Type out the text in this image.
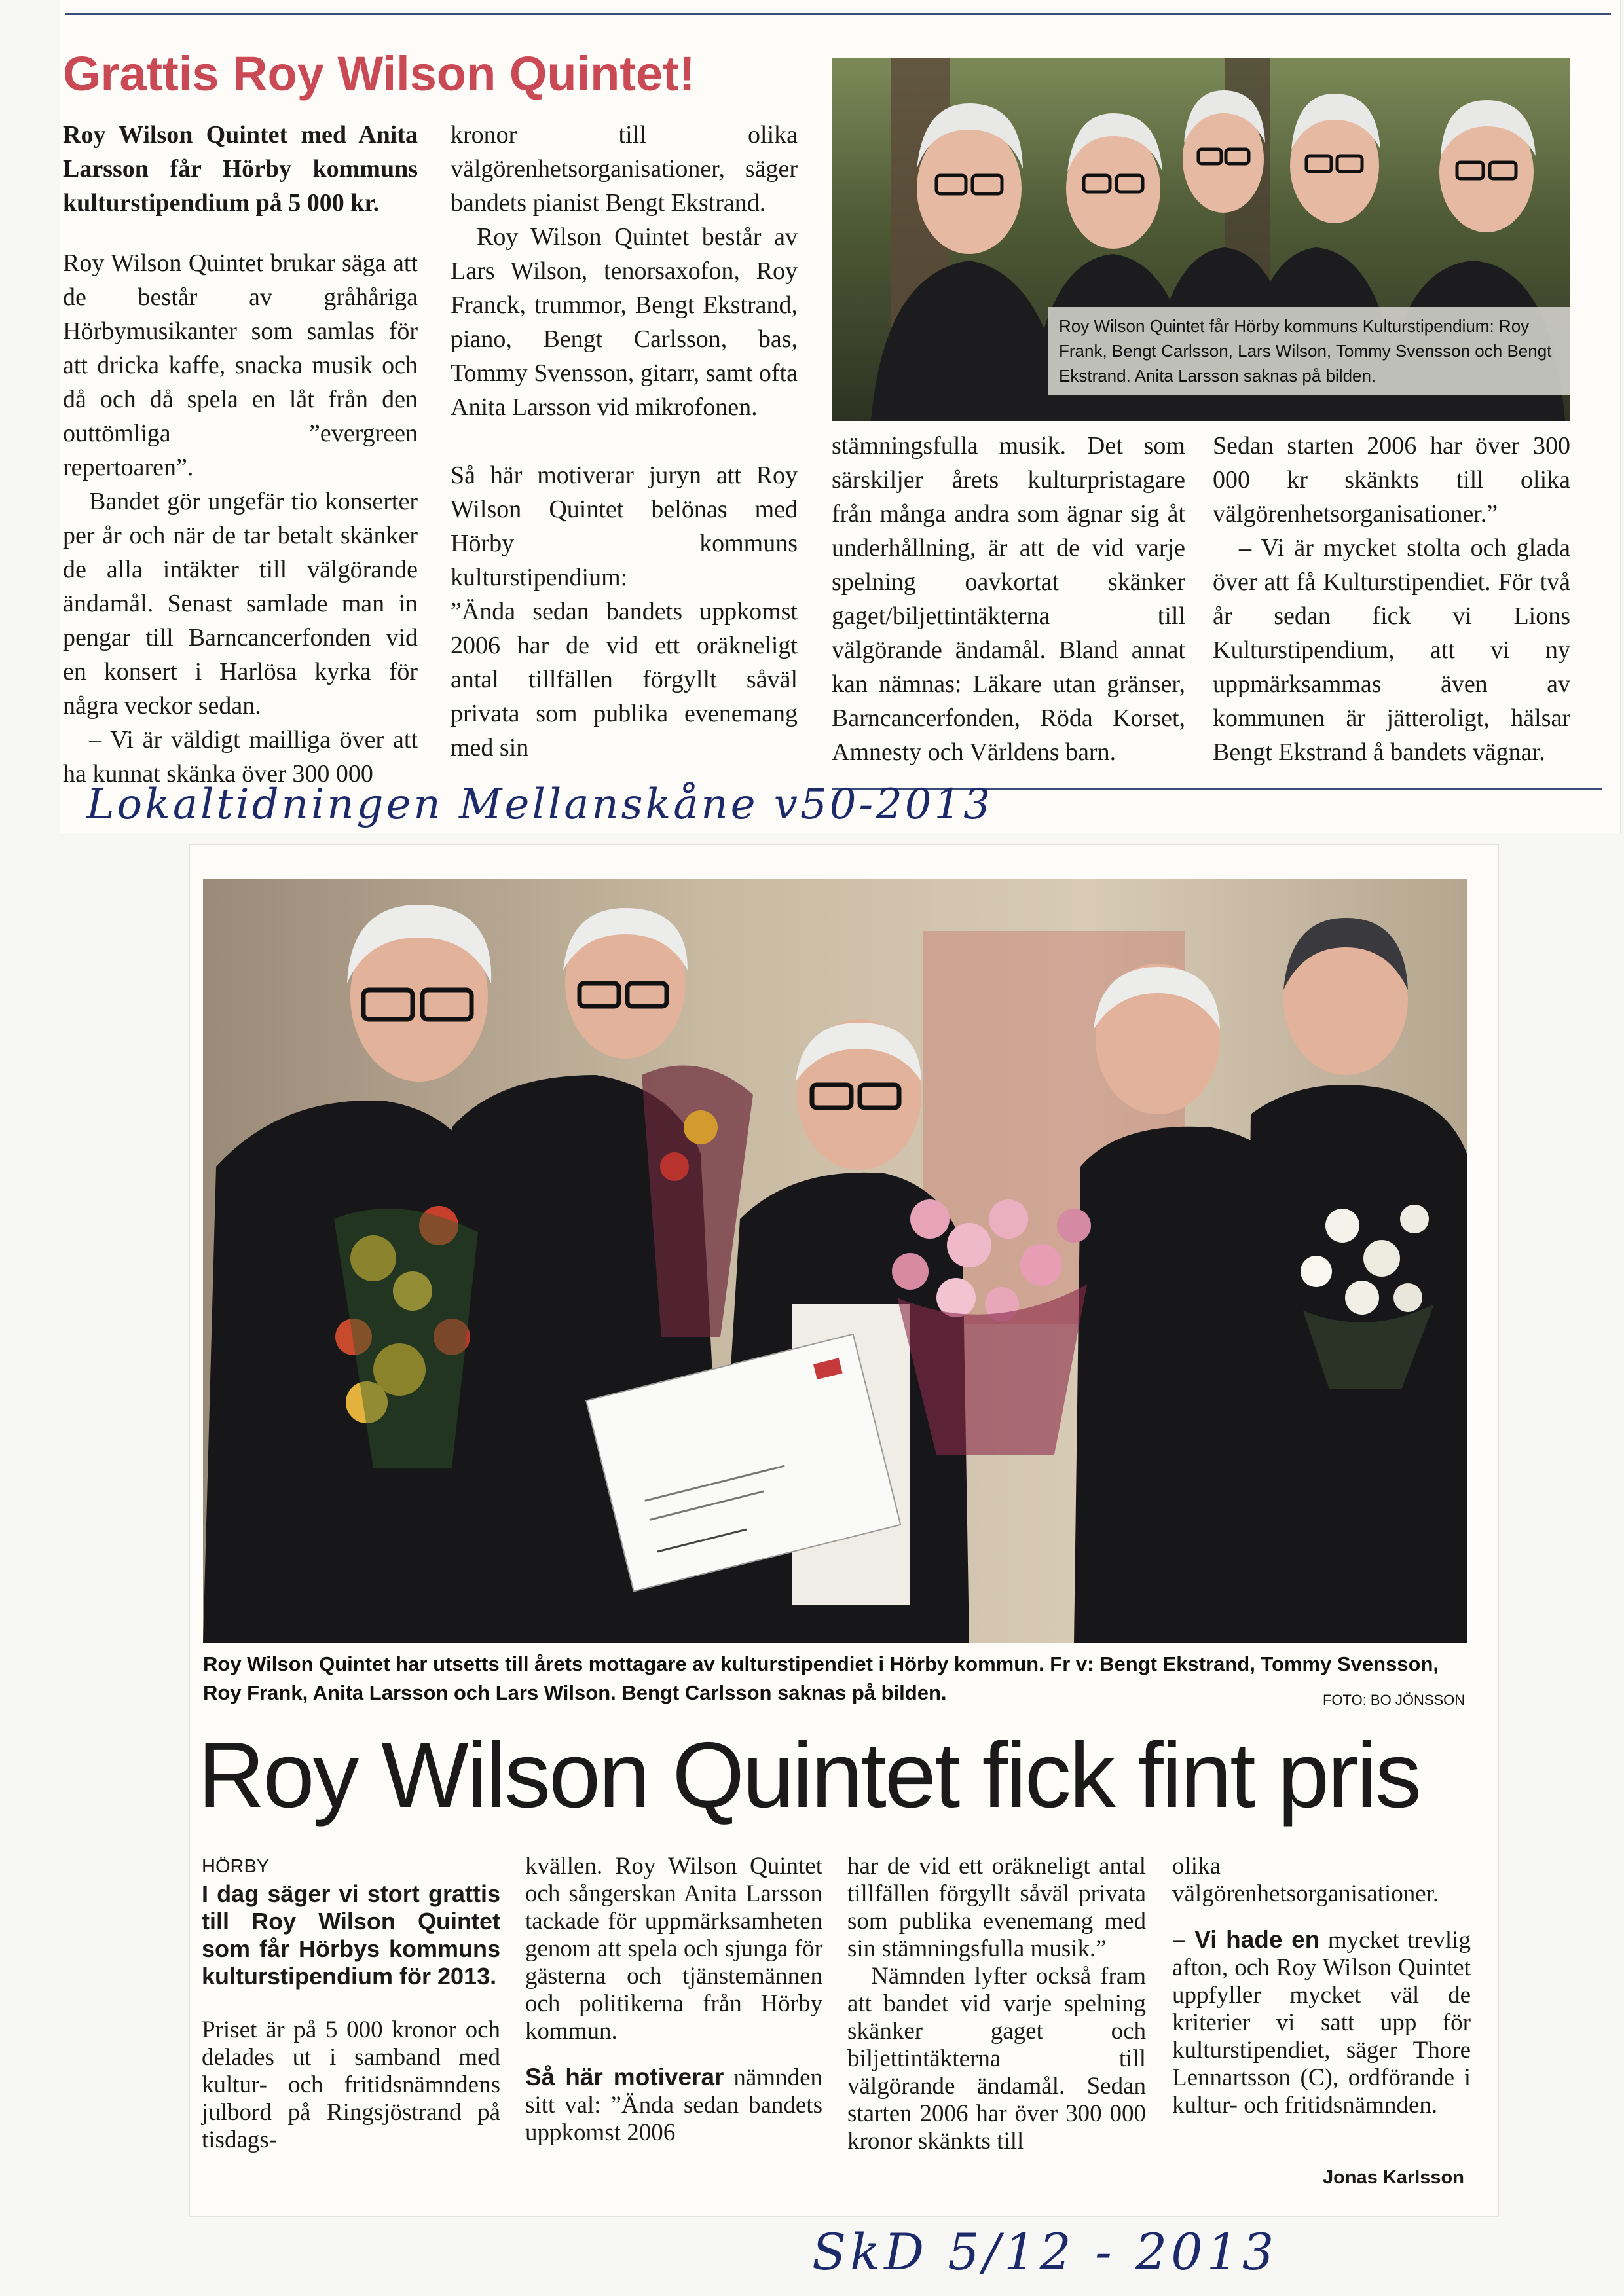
Grattis Roy Wilson Quintet!

Roy Wilson Quintet med Anita Larsson får Hörby kommuns kulturstipendium på 5 000 kr.

Roy Wilson Quintet brukar säga att de består av gråhåriga Hörbymusikanter som samlas för att dricka kaffe, snacka musik och då och då spela en låt från den outtömliga ”evergreen repertoaren”.

Bandet gör ungefär tio konserter per år och när de tar betalt skänker de alla intäkter till välgörande ändamål. Senast samlade man in pengar till Barncancerfonden vid en konsert i Harlösa kyrka för några veckor sedan.

– Vi är väldigt mailliga över att ha kunnat skänka över 300 000

kronor till olika välgörenhetsorganisationer, säger bandets pianist Bengt Ekstrand.

Roy Wilson Quintet består av Lars Wilson, tenorsaxofon, Roy Franck, trummor, Bengt Ekstrand, piano, Bengt Carlsson, bas, Tommy Svensson, gitarr, samt ofta Anita Larsson vid mikrofonen.

Så här motiverar juryn att Roy Wilson Quintet belönas med Hörby kommuns kulturstipendium:

”Ända sedan bandets uppkomst 2006 har de vid ett oräkneligt antal tillfällen förgyllt såväl privata som publika evenemang med sin

Roy Wilson Quintet får Hörby kommuns Kulturstipendium: Roy Frank, Bengt Carlsson, Lars Wilson, Tommy Svensson och Bengt Ekstrand. Anita Larsson saknas på bilden.

stämningsfulla musik. Det som särskiljer årets kulturpristagare från många andra som ägnar sig åt underhållning, är att de vid varje spelning oavkortat skänker gaget/biljettintäkterna till välgörande ändamål. Bland annat kan nämnas: Läkare utan gränser, Barncancerfonden, Röda Korset, Amnesty och Världens barn.

Sedan starten 2006 har över 300 000 kr skänkts till olika välgörenhetsorganisationer.”

– Vi är mycket stolta och glada över att få Kulturstipendiet. För två år sedan fick vi Lions Kulturstipendium, att vi ny uppmärksammas även av kommunen är jätteroligt, hälsar Bengt Ekstrand å bandets vägnar.

Lokaltidningen Mellanskåne v50-2013
Roy Wilson Quintet har utsetts till årets mottagare av kulturstipendiet i Hörby kommun. Fr v: Bengt Ekstrand, Tommy Svensson, Roy Frank, Anita Larsson och Lars Wilson. Bengt Carlsson saknas på bilden.	FOTO: BO JÖNSSON
Roy Wilson Quintet fick fint pris
HÖRBY

I dag säger vi stort grattis till Roy Wilson Quintet som får Hörbys kommuns kulturstipendium för 2013.

Priset är på 5 000 kronor och delades ut i samband med kultur- och fritidsnämndens julbord på Ringsjöstrand på tisdags-

kvällen. Roy Wilson Quintet och sångerskan Anita Larsson tackade för uppmärksamheten genom att spela och sjunga för gästerna och tjänstemännen och politikerna från Hörby kommun.

Så här motiverar nämnden sitt val: ”Ända sedan bandets uppkomst 2006

har de vid ett oräkneligt antal tillfällen förgyllt såväl privata som publika evenemang med sin stämningsfulla musik.”

Nämnden lyfter också fram att bandet vid varje spelning skänker gaget och biljettintäkterna till välgörande ändamål. Sedan starten 2006 har över 300 000 kronor skänkts till

olika välgörenhetsorganisationer.

– Vi hade en mycket trevlig afton, och Roy Wilson Quintet uppfyller mycket väl de kriterier vi satt upp för kulturstipendiet, säger Thore Lennartsson (C), ordförande i kultur- och fritidsnämnden.

Jonas Karlsson
SkD 5/12 - 2013
